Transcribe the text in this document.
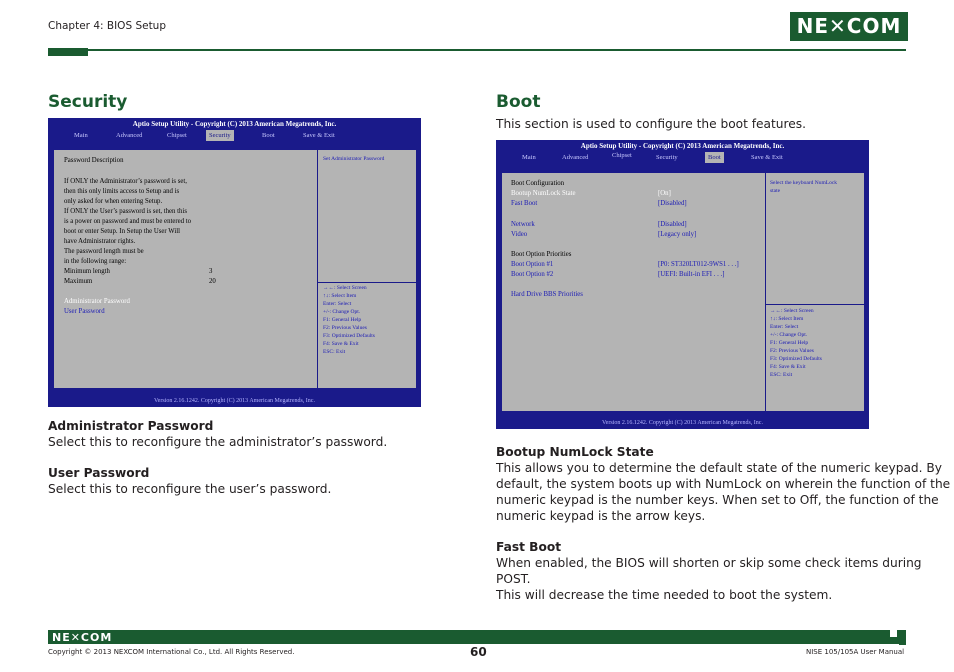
Chapter 4: BIOS Setup	NE✕COM
Security
Aptio Setup Utility - Copyright (C) 2013 American Megatrends, Inc.
Main	Advanced	Chipset	Security	Boot	Save & Exit
Password Description
If ONLY the Administrator’s password is set,
then this only limits access to Setup and is
only asked for when entering Setup.
If ONLY the User’s password is set, then this
is a power on password and must be entered to
boot or enter Setup. In Setup the User Will
have Administrator rights.
The password length must be
in the following range:
Minimum length	3
Maximum	20
Administrator Password
User Password
Set Administrator Password
→←: Select Screen
↑↓: Select Item
Enter: Select
+/-: Change Opt.
F1: General Help
F2: Previous Values
F3: Optimized Defaults
F4: Save & Exit
ESC: Exit
Version 2.16.1242. Copyright (C) 2013 American Megatrends, Inc.
Administrator Password
Select this to reconfigure the administrator’s password.
User Password
Select this to reconfigure the user’s password.
Boot
This section is used to configure the boot features.
Aptio Setup Utility - Copyright (C) 2013 American Megatrends, Inc.
Main	Advanced	Chipset	Security	Boot	Save & Exit
Boot Configuration
Bootup NumLock State	[On]
Fast Boot	[Disabled]
Network	[Disabled]
Video	[Legacy only]
Boot Option Priorities
Boot Option #1	[P0: ST320LT012-9WS1 . . .]
Boot Option #2	[UEFI: Built-in EFI . . .]
Hard Drive BBS Priorities
Select the keyboard NumLock
state
→←: Select Screen
↑↓: Select Item
Enter: Select
+/-: Change Opt.
F1: General Help
F2: Previous Values
F3: Optimized Defaults
F4: Save & Exit
ESC: Exit
Version 2.16.1242. Copyright (C) 2013 American Megatrends, Inc.
Bootup NumLock State
This allows you to determine the default state of the numeric keypad. By
default, the system boots up with NumLock on wherein the function of the
numeric keypad is the number keys. When set to Off, the function of the
numeric keypad is the arrow keys.
Fast Boot
When enabled, the BIOS will shorten or skip some check items during POST.
This will decrease the time needed to boot the system.
NE✕COM
Copyright © 2013 NEXCOM International Co., Ltd. All Rights Reserved.	60	NISE 105/105A User Manual
